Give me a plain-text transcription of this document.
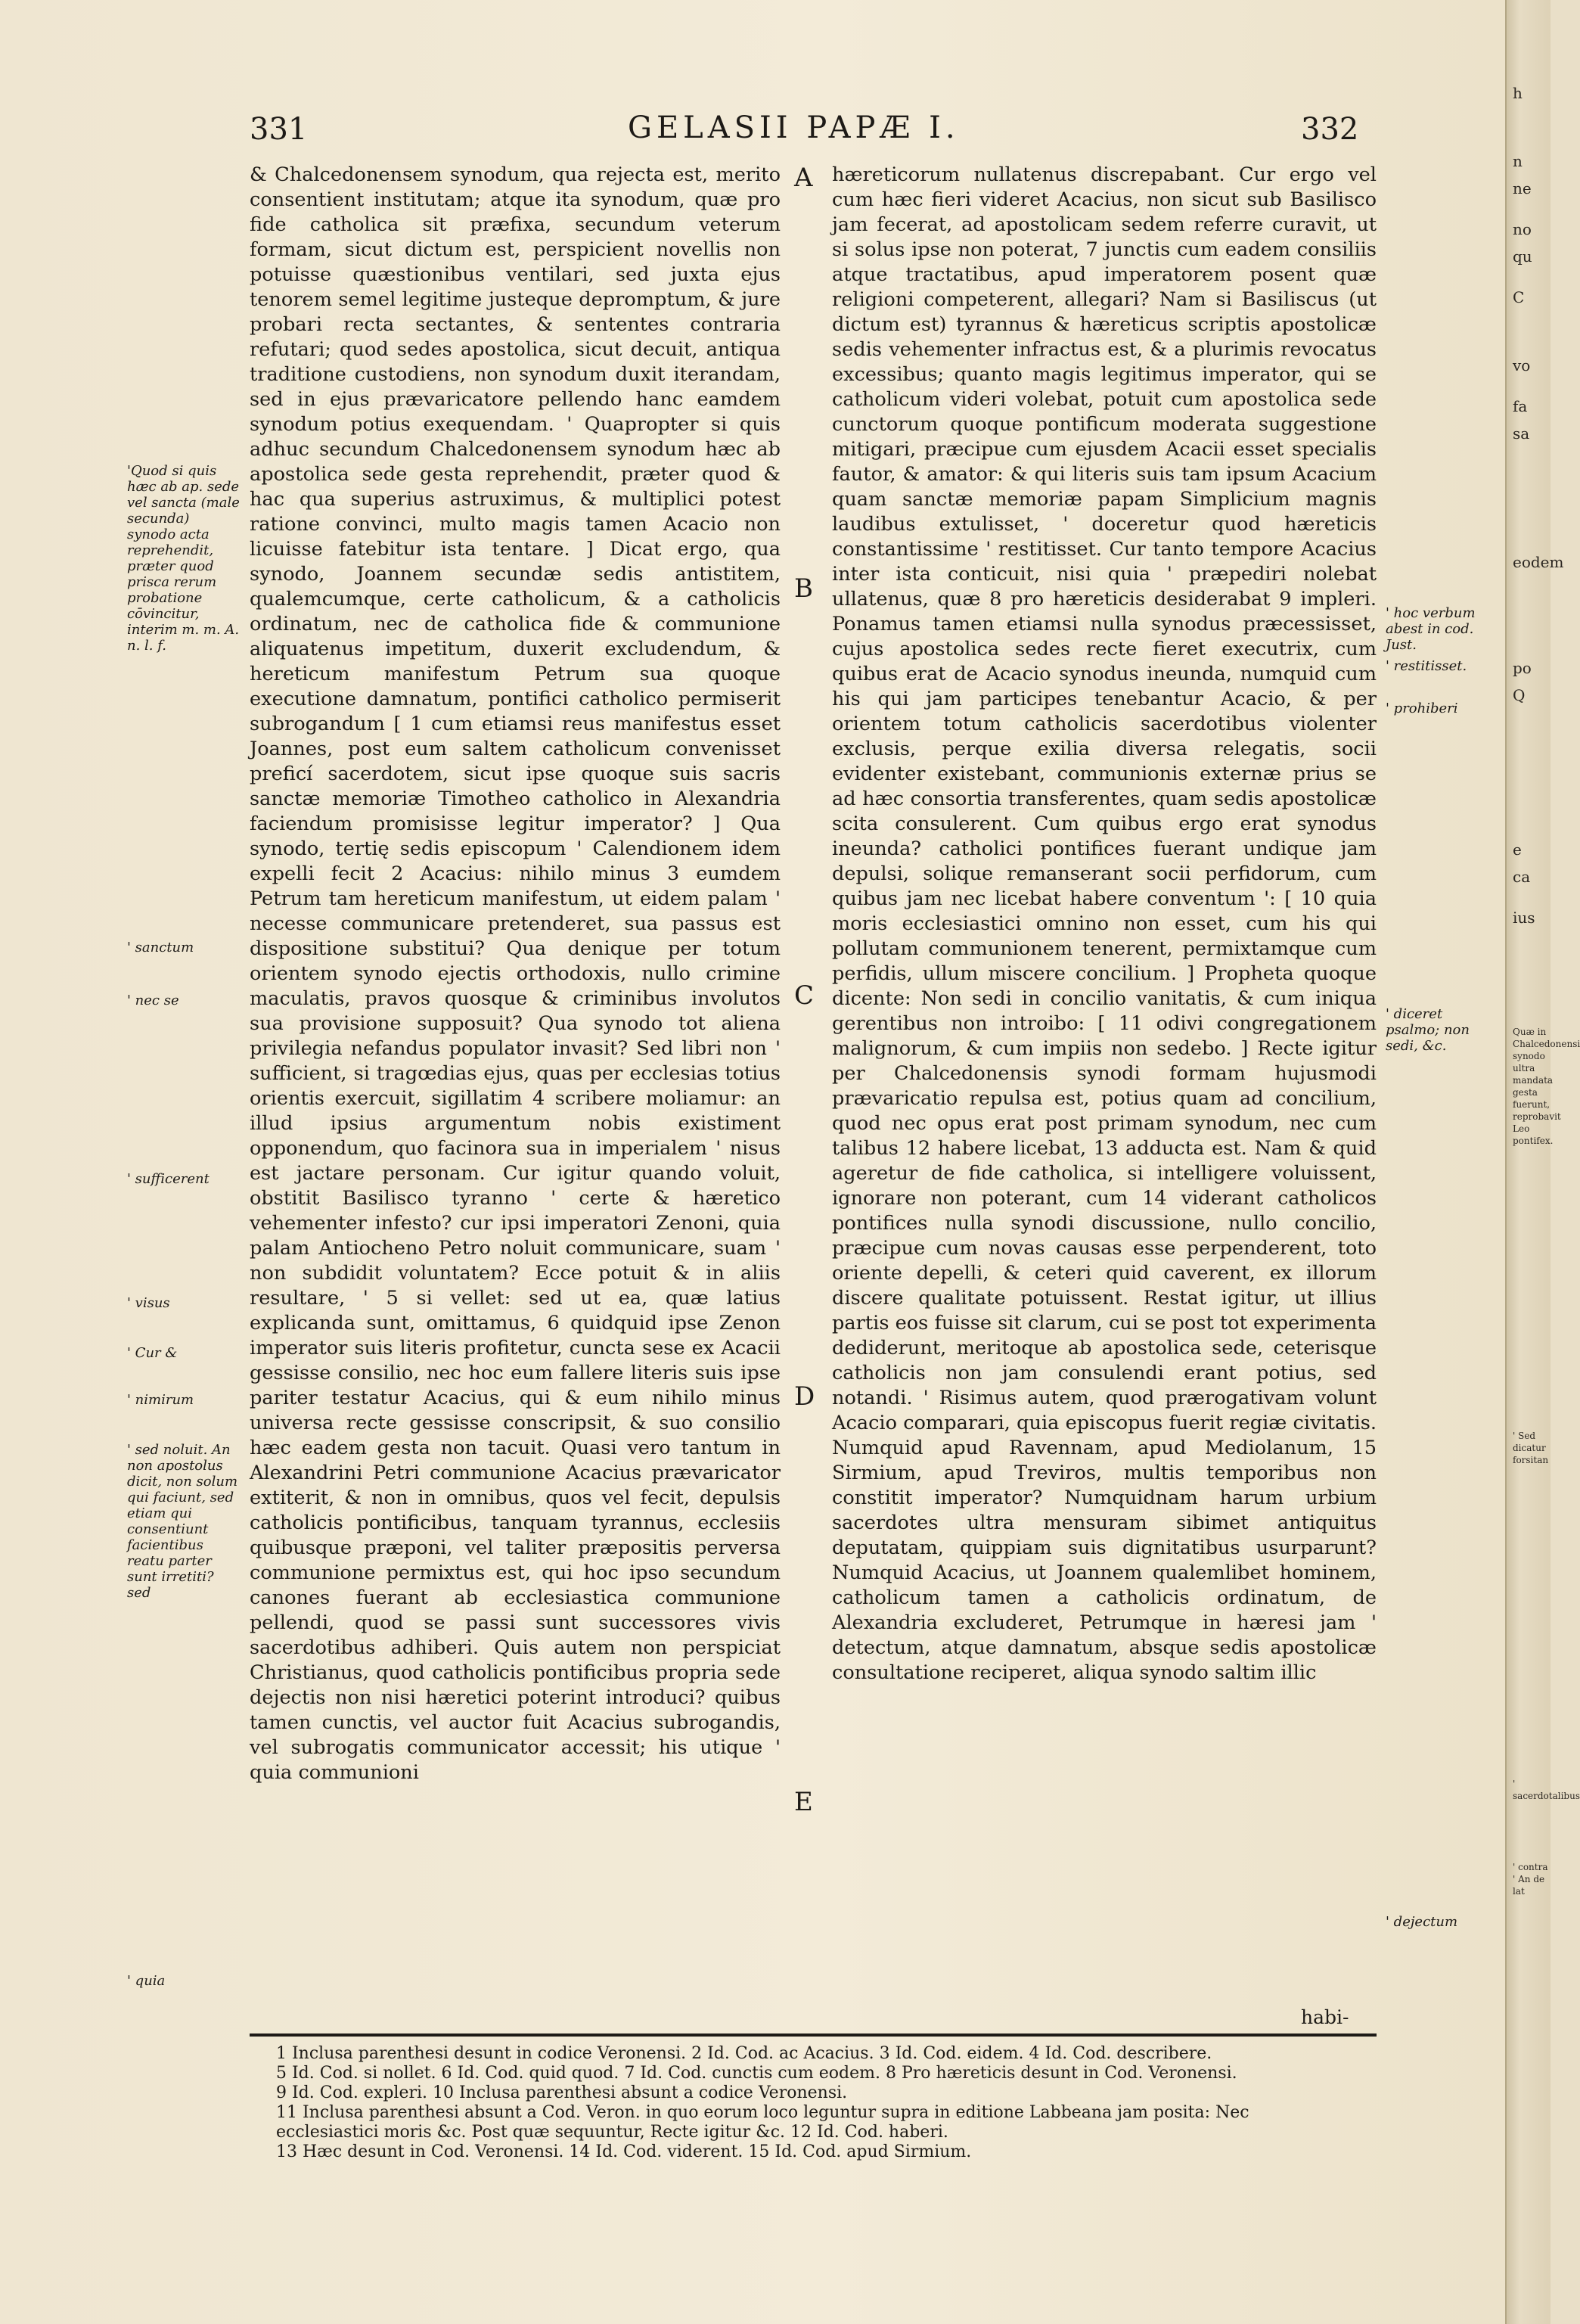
331	GELASII PAPÆ I.	332
'Quod si quis hæc ab ap. sede vel sancta (male secunda) synodo acta reprehendit, præter quod prisca rerum probatione cōvincitur, interim m. m. A. n. l. f.
' sanctum
' nec se
' sufficerent
' visus
' Cur &
' nimirum
' sed noluit. An non apostolus dicit, non solum qui faciunt, sed etiam qui consentiunt facientibus reatu parter sunt irretiti? sed
' quia

& Chalcedonensem synodum, qua rejecta est, merito consentient institutam; atque ita synodum, quæ pro fide catholica sit præfixa, secundum veterum formam, sicut dictum est, perspicient novellis non potuisse quæstionibus ventilari, sed juxta ejus tenorem semel legitime justeque depromptum, & jure probari recta sectantes, & sententes contraria refutari; quod sedes apostolica, sicut decuit, antiqua traditione custodiens, non synodum duxit iterandam, sed in ejus prævaricatore pellendo hanc eamdem synodum potius exequendam. ' Quapropter si quis adhuc secundum Chalcedonensem synodum hæc ab apostolica sede gesta reprehendit, præter quod & hac qua superius astruximus, & multiplici potest ratione convinci, multo magis tamen Acacio non licuisse fatebitur ista tentare. ] Dicat ergo, qua synodo, Joannem secundæ sedis antistitem, qualemcumque, certe catholicum, & a catholicis ordinatum, nec de catholica fide & communione aliquatenus impetitum, duxerit excludendum, & hereticum manifestum Petrum sua quoque executione damnatum, pontifici catholico permiserit subrogandum [ 1 cum etiamsi reus manifestus esset Joannes, post eum saltem catholicum convenisset preficí sacerdotem, sicut ipse quoque suis sacris sanctæ memoriæ Timotheo catholico in Alexandria faciendum promisisse legitur imperator? ] Qua synodo, tertię sedis episcopum ' Calendionem idem expelli fecit 2 Acacius: nihilo minus 3 eumdem Petrum tam hereticum manifestum, ut eidem palam ' necesse communicare pretenderet, sua passus est dispositione substitui? Qua denique per totum orientem synodo ejectis orthodoxis, nullo crimine maculatis, pravos quosque & criminibus involutos sua provisione supposuit? Qua synodo tot aliena privilegia nefandus populator invasit? Sed libri non ' sufficient, si tragœdias ejus, quas per ecclesias totius orientis exercuit, sigillatim 4 scribere moliamur: an illud ipsius argumentum nobis existiment opponendum, quo facinora sua in imperialem ' nisus est jactare personam. Cur igitur quando voluit, obstitit Basilisco tyranno ' certe & hæretico vehementer infesto? cur ipsi imperatori Zenoni, quia palam Antiocheno Petro noluit communicare, suam ' non subdidit voluntatem? Ecce potuit & in aliis resultare, ' 5 si vellet: sed ut ea, quæ latius explicanda sunt, omittamus, 6 quidquid ipse Zenon imperator suis literis profitetur, cuncta sese ex Acacii gessisse consilio, nec hoc eum fallere literis suis ipse pariter testatur Acacius, qui & eum nihilo minus universa recte gessisse conscripsit, & suo consilio hæc eadem gesta non tacuit. Quasi vero tantum in Alexandrini Petri communione Acacius prævaricator extiterit, & non in omnibus, quos vel fecit, depulsis catholicis pontificibus, tanquam tyrannus, ecclesiis quibusque præponi, vel taliter præpositis perversa communione permixtus est, qui hoc ipso secundum canones fuerant ab ecclesiastica communione pellendi, quod se passi sunt successores vivis sacerdotibus adhiberi. Quis autem non perspiciat Christianus, quod catholicis pontificibus propria sede dejectis non nisi hæretici poterint introduci? quibus tamen cunctis, vel auctor fuit Acacius subrogandis, vel subrogatis communicator accessit; his utique ' quia communioni

A
B
C
D
E

hæreticorum nullatenus discrepabant. Cur ergo vel cum hæc fieri videret Acacius, non sicut sub Basilisco jam fecerat, ad apostolicam sedem referre curavit, ut si solus ipse non poterat, 7 junctis cum eadem consiliis atque tractatibus, apud imperatorem posent quæ religioni competerent, allegari? Nam si Basiliscus (ut dictum est) tyrannus & hæreticus scriptis apostolicæ sedis vehementer infractus est, & a plurimis revocatus excessibus; quanto magis legitimus imperator, qui se catholicum videri volebat, potuit cum apostolica sede cunctorum quoque pontificum moderata suggestione mitigari, præcipue cum ejusdem Acacii esset specialis fautor, & amator: & qui literis suis tam ipsum Acacium quam sanctæ memoriæ papam Simplicium magnis laudibus extulisset, ' doceretur quod hæreticis constantissime ' restitisset. Cur tanto tempore Acacius inter ista conticuit, nisi quia ' præpediri nolebat ullatenus, quæ 8 pro hæreticis desiderabat 9 impleri. Ponamus tamen etiamsi nulla synodus præcessisset, cujus apostolica sedes recte fieret executrix, cum quibus erat de Acacio synodus ineunda, numquid cum his qui jam participes tenebantur Acacio, & per orientem totum catholicis sacerdotibus violenter exclusis, perque exilia diversa relegatis, socii evidenter existebant, communionis externæ prius se ad hæc consortia transferentes, quam sedis apostolicæ scita consulerent. Cum quibus ergo erat synodus ineunda? catholici pontifices fuerant undique jam depulsi, solique remanserant socii perfidorum, cum quibus jam nec licebat habere conventum ': [ 10 quia moris ecclesiastici omnino non esset, cum his qui pollutam communionem tenerent, permixtamque cum perfidis, ullum miscere concilium. ] Propheta quoque dicente: Non sedi in concilio vanitatis, & cum iniqua gerentibus non introibo: [ 11 odivi congregationem malignorum, & cum impiis non sedebo. ] Recte igitur per Chalcedonensis synodi formam hujusmodi prævaricatio repulsa est, potius quam ad concilium, quod nec opus erat post primam synodum, nec cum talibus 12 habere licebat, 13 adducta est. Nam & quid ageretur de fide catholica, si intelligere voluissent, ignorare non poterant, cum 14 viderant catholicos pontifices nulla synodi discussione, nullo concilio, præcipue cum novas causas esse perpenderent, toto oriente depelli, & ceteri quid caverent, ex illorum discere qualitate potuissent. Restat igitur, ut illius partis eos fuisse sit clarum, cui se post tot experimenta dediderunt, meritoque ab apostolica sede, ceterisque catholicis non jam consulendi erant potius, sed notandi. ' Risimus autem, quod prærogativam volunt Acacio comparari, quia episcopus fuerit regiæ civitatis. Numquid apud Ravennam, apud Mediolanum, 15 Sirmium, apud Treviros, multis temporibus non constitit imperator? Numquidnam harum urbium sacerdotes ultra mensuram sibimet antiquitus deputatam, quippiam suis dignitatibus usurparunt? Numquid Acacius, ut Joannem qualemlibet hominem, catholicum tamen a catholicis ordinatum, de Alexandria excluderet, Petrumque in hæresi jam ' detectum, atque damnatum, absque sedis apostolicæ consultatione reciperet, aliqua synodo saltim illic

habi-
' hoc verbum abest in cod. Just.
' restitisset.
' prohiberi
' diceret psalmo; non sedi, &c.
' dejectum
1 Inclusa parenthesi desunt in codice Veronensi. 2 Id. Cod. ac Acacius. 3 Id. Cod. eidem. 4 Id. Cod. describere.
5 Id. Cod. si nollet. 6 Id. Cod. quid quod. 7 Id. Cod. cunctis cum eodem. 8 Pro hæreticis desunt in Cod. Veronensi.
9 Id. Cod. expleri. 10 Inclusa parenthesi absunt a codice Veronensi.
11 Inclusa parenthesi absunt a Cod. Veron. in quo eorum loco leguntur supra in editione Labbeana jam posita: Nec
ecclesiastici moris &c. Post quæ sequuntur, Recte igitur &c. 12 Id. Cod. haberi.
13 Hæc desunt in Cod. Veronensi. 14 Id. Cod. viderent. 15 Id. Cod. apud Sirmium.
h
n
ne
no
qu
C
vo
fa
sa
eodem
po
Q
e
ca
ius
Quæ in Chalcedonensi synodo ultra mandata gesta fuerunt, reprobavit Leo pontifex.
' Sed dicatur forsitan
' sacerdotalibus
' contra ' An de lat
